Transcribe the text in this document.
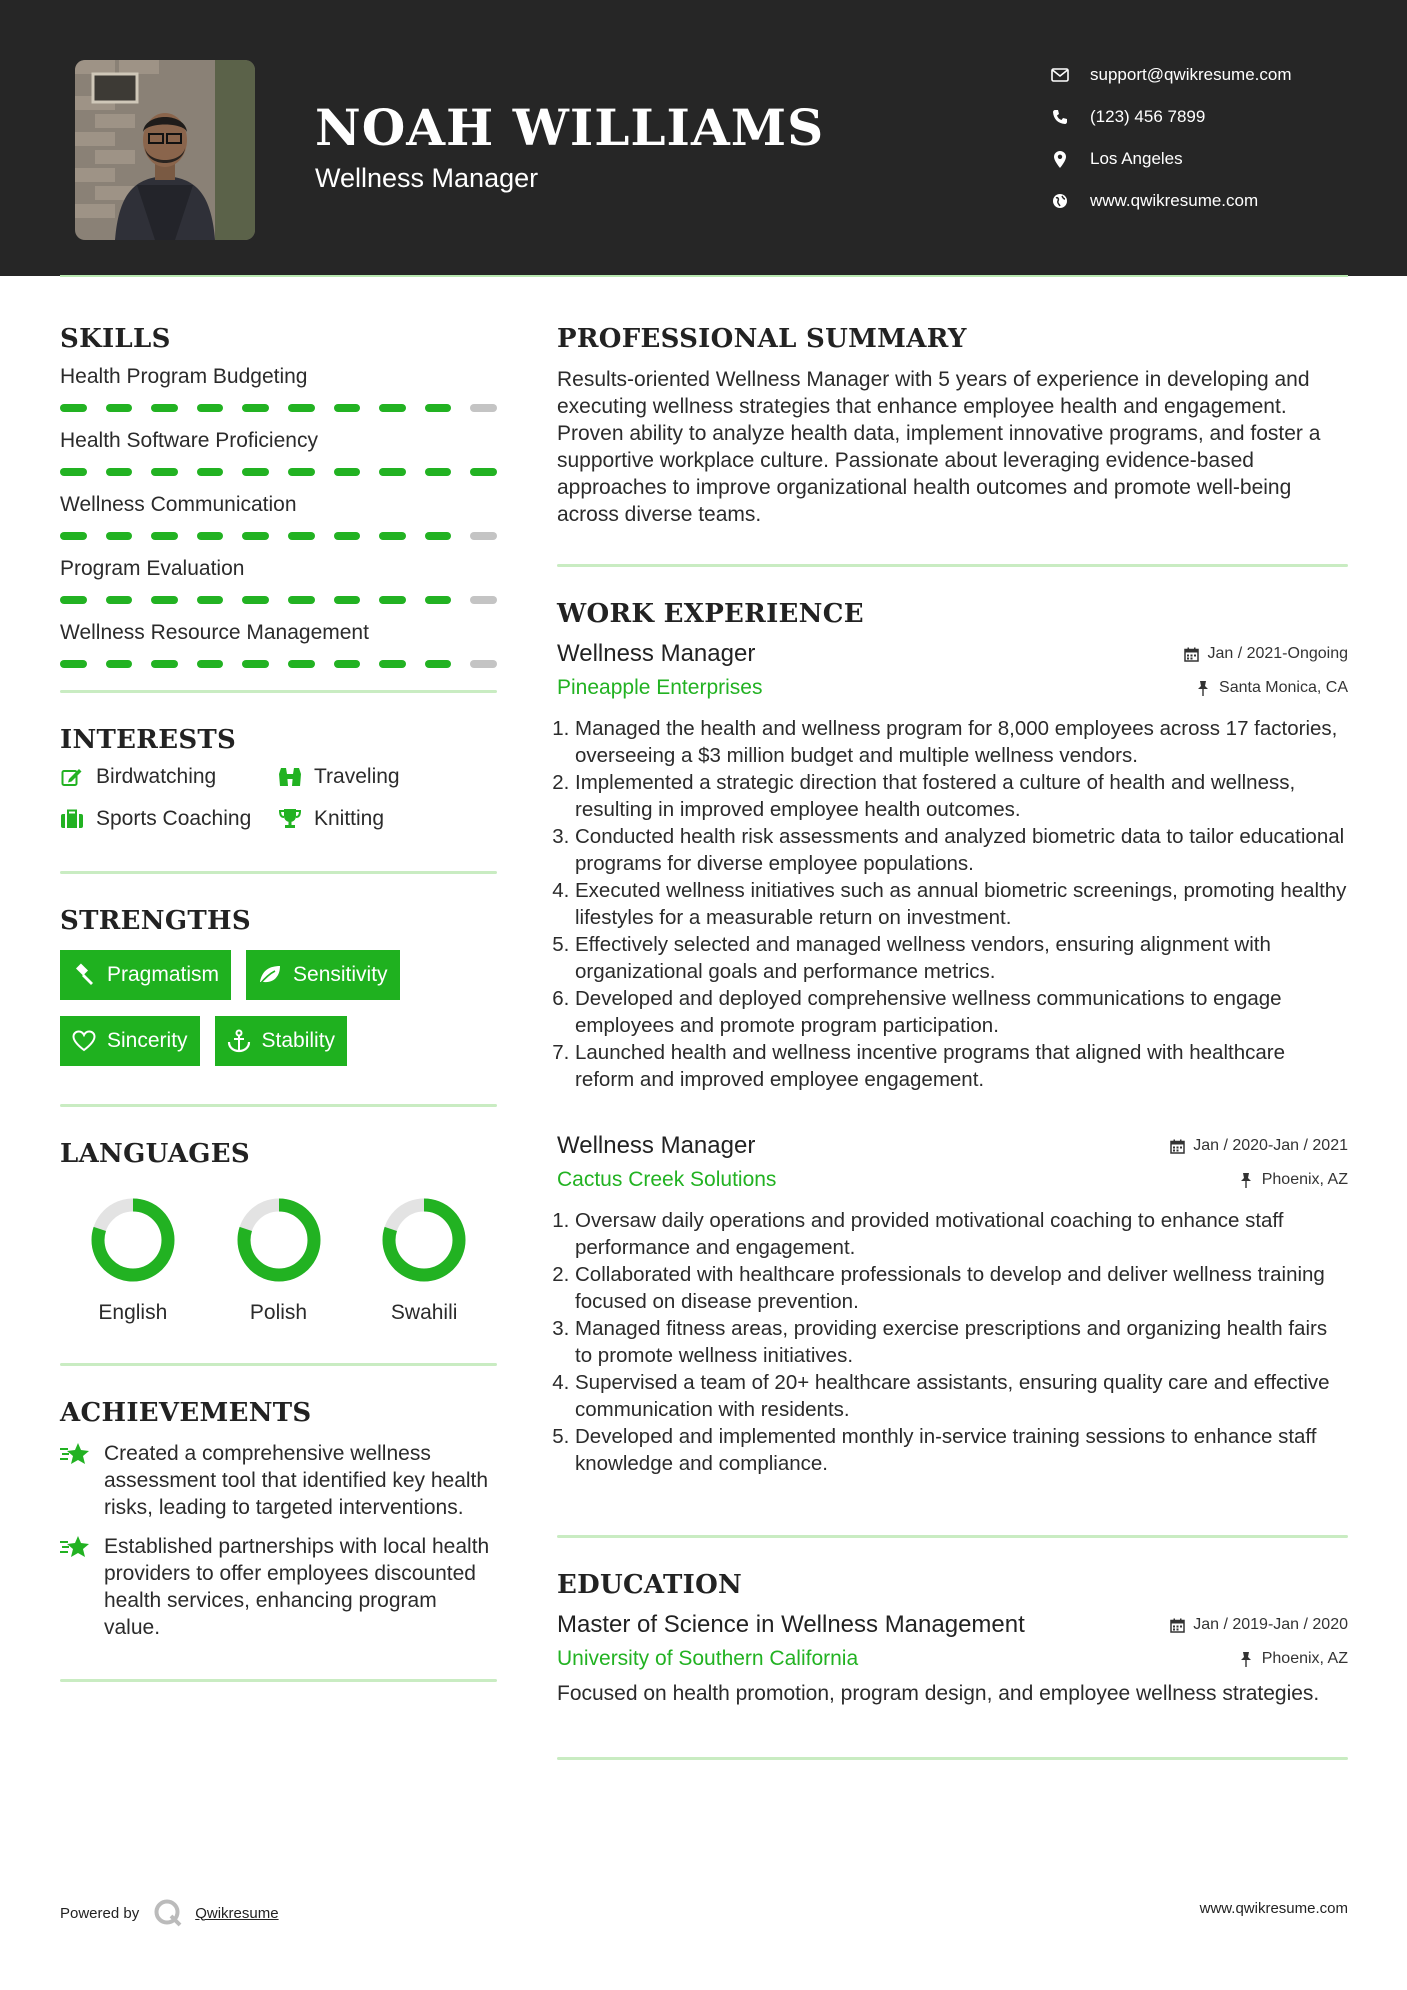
NOAH WILLIAMS
Wellness Manager
support@qwikresume.com
(123) 456 7899
Los Angeles
www.qwikresume.com
SKILLS
Health Program Budgeting
Health Software Proficiency
Wellness Communication
Program Evaluation
Wellness Resource Management
INTERESTS
Birdwatching	Traveling
Sports Coaching	Knitting
STRENGTHS
Pragmatism	Sensitivity
Sincerity	Stability
LANGUAGES
English	Polish	Swahili
ACHIEVEMENTS
Created a comprehensive wellness assessment tool that identified key health risks, leading to targeted interventions.
Established partnerships with local health providers to offer employees discounted health services, enhancing program value.
PROFESSIONAL SUMMARY

Results-oriented Wellness Manager with 5 years of experience in developing and executing wellness strategies that enhance employee health and engagement. Proven ability to analyze health data, implement innovative programs, and foster a supportive workplace culture. Passionate about leveraging evidence-based approaches to improve organizational health outcomes and promote well-being across diverse teams.

WORK EXPERIENCE
Wellness Manager	Jan / 2021-Ongoing
Pineapple Enterprises	Santa Monica, CA
1. Managed the health and wellness program for 8,000 employees across 17 factories, overseeing a $3 million budget and multiple wellness vendors.
2. Implemented a strategic direction that fostered a culture of health and wellness, resulting in improved employee health outcomes.
3. Conducted health risk assessments and analyzed biometric data to tailor educational programs for diverse employee populations.
4. Executed wellness initiatives such as annual biometric screenings, promoting healthy lifestyles for a measurable return on investment.
5. Effectively selected and managed wellness vendors, ensuring alignment with organizational goals and performance metrics.
6. Developed and deployed comprehensive wellness communications to engage employees and promote program participation.
7. Launched health and wellness incentive programs that aligned with healthcare reform and improved employee engagement.
Wellness Manager	Jan / 2020-Jan / 2021
Cactus Creek Solutions	Phoenix, AZ
1. Oversaw daily operations and provided motivational coaching to enhance staff performance and engagement.
2. Collaborated with healthcare professionals to develop and deliver wellness training focused on disease prevention.
3. Managed fitness areas, providing exercise prescriptions and organizing health fairs to promote wellness initiatives.
4. Supervised a team of 20+ healthcare assistants, ensuring quality care and effective communication with residents.
5. Developed and implemented monthly in-service training sessions to enhance staff knowledge and compliance.
EDUCATION
Master of Science in Wellness Management	Jan / 2019-Jan / 2020
University of Southern California	Phoenix, AZ

Focused on health promotion, program design, and employee wellness strategies.

Powered by	Qwikresume	www.qwikresume.com
